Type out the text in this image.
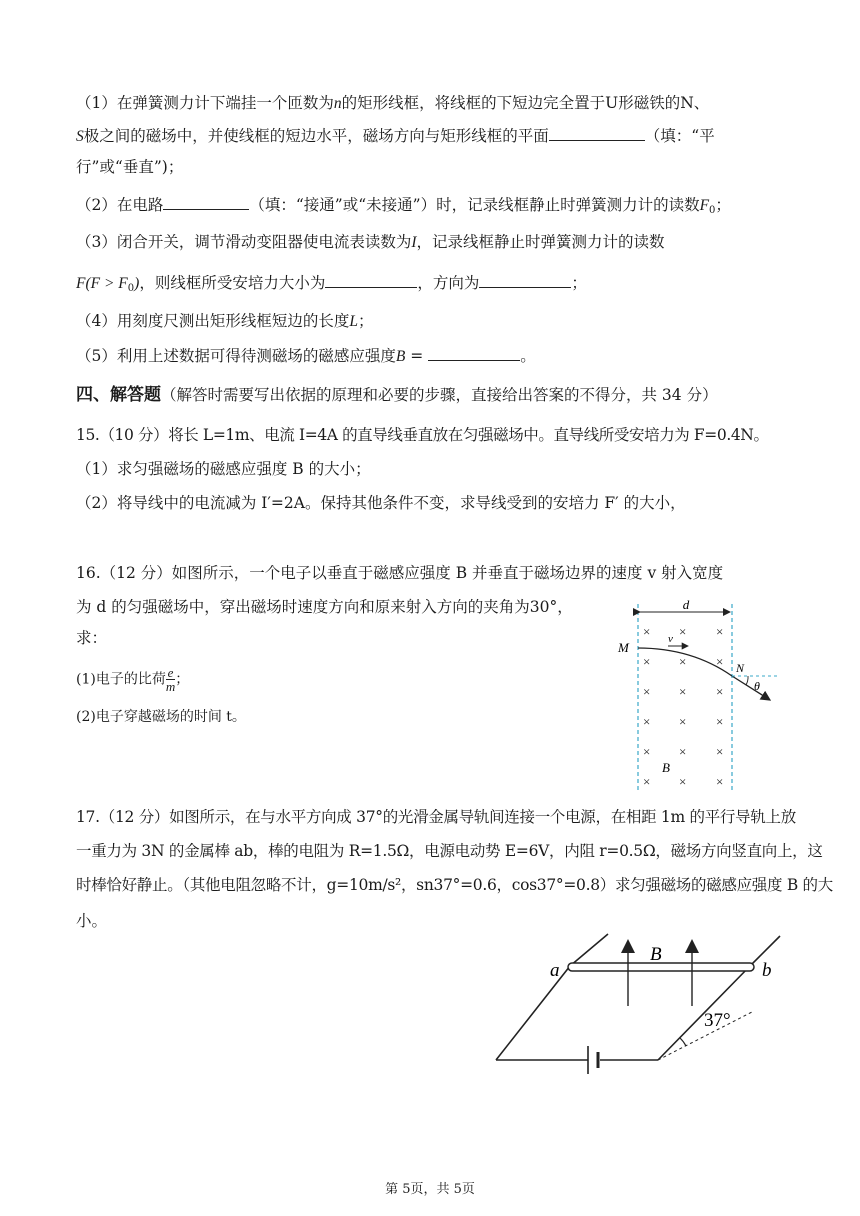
（1）在弹簧测力计下端挂一个匝数为n的矩形线框，将线框的下短边完全置于U形磁铁的N、
S极之间的磁场中，并使线框的短边水平，磁场方向与矩形线框的平面	（填：“平
行”或“垂直”)；
（2）在电路	（填：“接通”或“未接通”）时，记录线框静止时弹簧测力计的读数$F_0$；
（3）闭合开关，调节滑动变阻器使电流表读数为I，记录线框静止时弹簧测力计的读数
$F(F > F_0)$，则线框所受安培力大小为	，方向为	；
（4）用刻度尺测出矩形线框短边的长度L；
（5）利用上述数据可得待测磁场的磁感应强度B =	。
四、解答题（解答时需要写出依据的原理和必要的步骤，直接给出答案的不得分，共 34 分）
15.（10 分）将长 L=1m、电流 I=4A 的直导线垂直放在匀强磁场中。直导线所受安培力为 F=0.4N。
（1）求匀强磁场的磁感应强度 B 的大小；
（2）将导线中的电流减为 I′=2A。保持其他条件不变，求导线受到的安培力 F′ 的大小，
16.（12 分）如图所示，一个电子以垂直于磁感应强度 B 并垂直于磁场边界的速度 v 射入宽度
为 d 的匀强磁场中，穿出磁场时速度方向和原来射入方向的夹角为30°，
求：
(1)电子的比荷 $\frac{e}{m}$ ；
(2)电子穿越磁场的时间 t。
d
× × ×
× × ×
× × ×
× × ×
× × ×
× × ×
M
v
N
θ
B
17.（12 分）如图所示，在与水平方向成 37°的光滑金属导轨间连接一个电源，在相距 1m 的平行导轨上放
一重力为 3N 的金属棒 ab，棒的电阻为 R=1.5Ω，电源电动势 E=6V，内阻 r=0.5Ω，磁场方向竖直向上，这
时棒恰好静止。（其他电阻忽略不计，g=10m/s²，sn37°=0.6，cos37°=0.8）求匀强磁场的磁感应强度 B 的大
小。
a	b
B
37°
第 5页，共 5页
